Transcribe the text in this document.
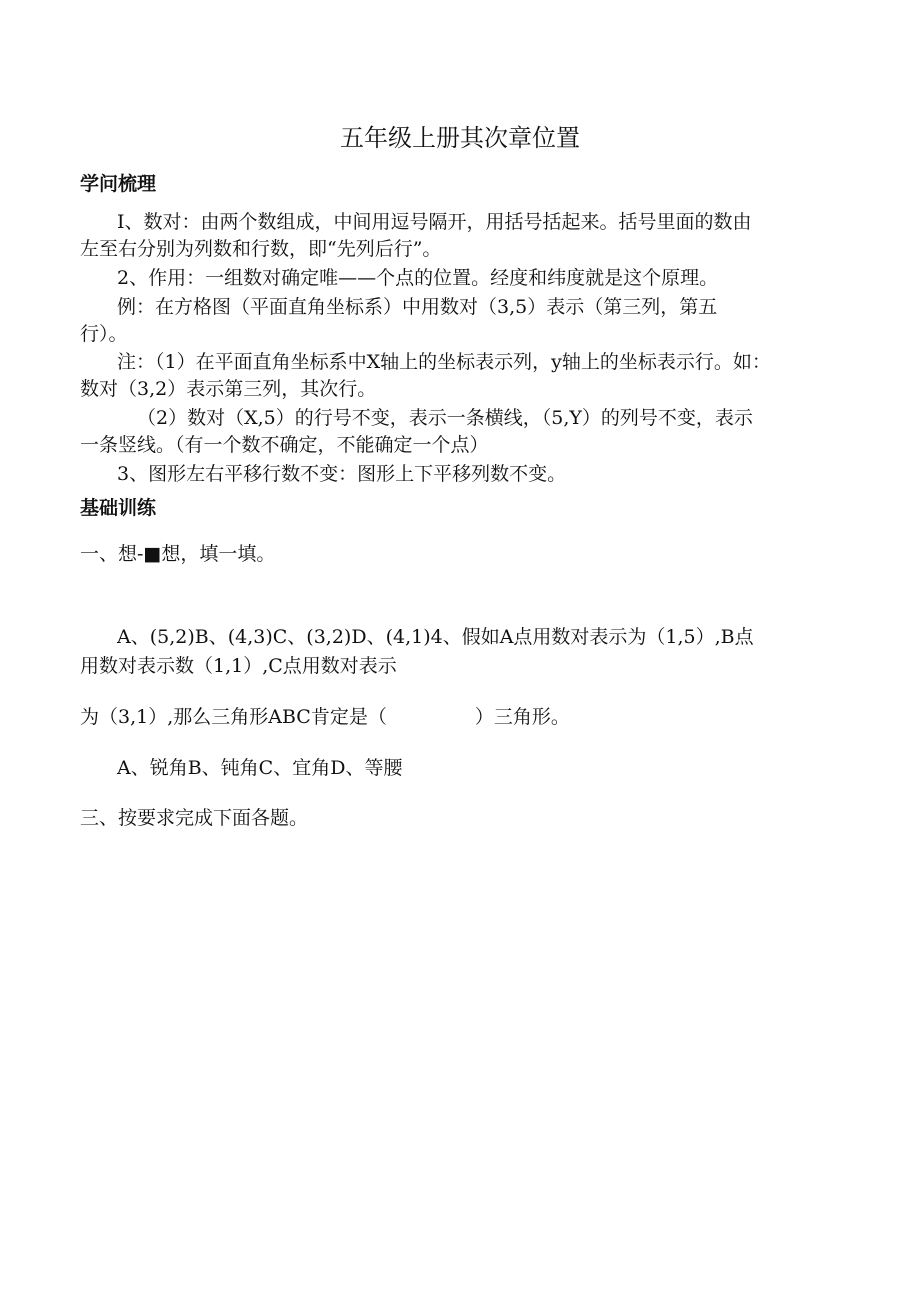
五年级上册其次章位置
学问梳理
I、数对：由两个数组成，中间用逗号隔开，用括号括起来。括号里面的数由
左至右分别为列数和行数，即“先列后行”。
2、作用：一组数对确定唯——个点的位置。经度和纬度就是这个原理。
例：在方格图（平面直角坐标系）中用数对（3,5）表示（第三列，第五
行）。
注：（1）在平面直角坐标系中X轴上的坐标表示列，y轴上的坐标表示行。如：
数对（3,2）表示第三列，其次行。
（2）数对（X,5）的行号不变，表示一条横线，（5,Y）的列号不变，表示
一条竖线。（有一个数不确定，不能确定一个点）
3、图形左右平移行数不变：图形上下平移列数不变。
基础训练
一、想-■想，填一填。
A、(5,2)B、(4,3)C、(3,2)D、(4,1)4、假如A点用数对表示为（1,5）,B点
用数对表示数（1,1）,C点用数对表示
为（3,1）,那么三角形ABC肯定是（	）三角形。
A、锐角B、钝角C、宜角D、等腰
三、按要求完成下面各题。
